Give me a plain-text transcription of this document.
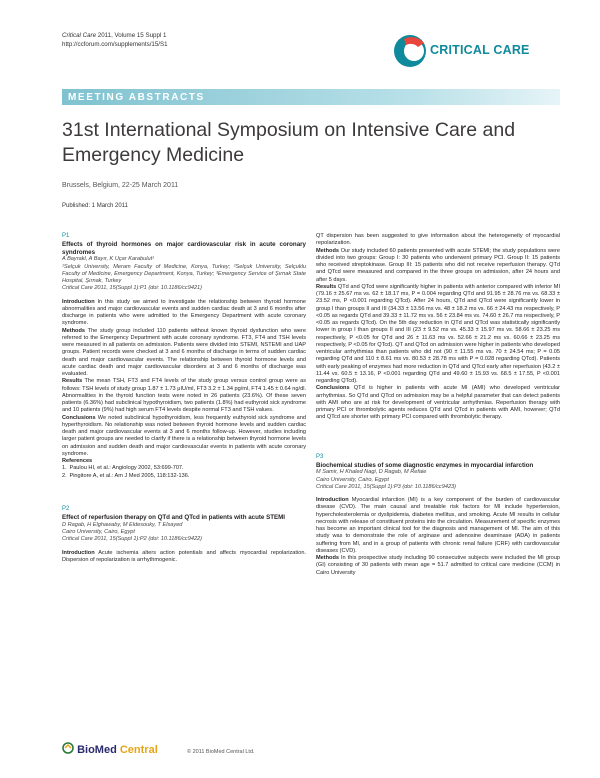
Critical Care 2011, Volume 15 Suppl 1
http://ccforum.com/supplements/15/S1	CRITICAL CARE
MEETING ABSTRACTS
31st International Symposium on Intensive Care and Emergency Medicine
Brussels, Belgium, 22-25 March 2011
Published: 1 March 2011
P1
Effects of thyroid hormones on major cardiovascular risk in acute coronary syndromes
A Bayrakl, A Bayır, K Uçar Karabulut¹
¹Selçuk University, Meram Faculty of Medicine, Konya, Turkey; ²Selçuk University, Selçuklu Faculty of Medicine, Emergency Department, Konya, Turkey; ³Emergency Service of Şırnak State Hospital, Şırnak, Turkey
Critical Care 2011, 15(Suppl 1):P1 (doi: 10.1186/cc9421)

Introduction In this study we aimed to investigate the relationship between thyroid hormone abnormalities and major cardiovascular events and sudden cardiac death at 3 and 6 months after discharge in patients who were admitted to the Emergency Department with acute coronary syndrome.

Methods The study group included 110 patients without known thyroid dysfunction who were referred to the Emergency Department with acute coronary syndrome. FT3, FT4 and TSH levels were measured in all patients on admission. Patients were divided into STEMI, NSTEMI and UAP groups. Patient records were checked at 3 and 6 months of discharge in terms of sudden cardiac death and major cardiovascular events. The relationship between thyroid hormone levels and acute cardiac death and major cardiovascular disorders at 3 and 6 months of discharge was evaluated.

Results The mean TSH, FT3 and FT4 levels of the study group versus control group were as follows: TSH levels of study group 1.87 ± 1.73 μIU/ml, FT3 3.2 ± 1.34 pg/ml, FT4 1.45 ± 0.64 ng/dl. Abnormalities in the thyroid function tests were noted in 26 patients (23.6%). Of these seven patients (6.36%) had subclinical hypothyroidism, two patients (1.8%) had euthyroid sick syndrome and 10 patients (9%) had high serum FT4 levels despite normal FT3 and TSH values.

Conclusions We noted subclinical hypothyroidism, less frequently euthyroid sick syndrome and hyperthyroidism. No relationship was noted between thyroid hormone levels and sudden cardiac death and major cardiovascular events at 3 and 6 months follow-up. However, studies including larger patient groups are needed to clarify if there is a relationship between thyroid hormone levels on admission and sudden death and major cardiovascular events in patients with acute coronary syndrome.

References

1. Paulou HI, et al.: Angiology 2002, 53:699-707.

2. Pingitore A, et al.: Am J Med 2005, 118:132-136.

P2
Effect of reperfusion therapy on QTd and QTcd in patients with acute STEMI
D Ragab, H Elghawaby, M Eldesouky, T Elsayed
Cairo University, Cairo, Egypt
Critical Care 2011, 15(Suppl 1):P2 (doi: 10.1186/cc9422)

Introduction Acute ischemia alters action potentials and affects myocardial repolarization. Dispersion of repolarization is arrhythmogenic.

QT dispersion has been suggested to give information about the heterogeneity of myocardial repolarization.

Methods Our study included 60 patients presented with acute STEMI; the study populations were divided into two groups: Group I: 30 patients who underwent primary PCI. Group II: 15 patients who received streptokinase. Group III: 15 patients who did not receive reperfusion therapy. QTd and QTcd were measured and compared in the three groups on admission, after 24 hours and after 5 days.

Results QTd and QTcd were significantly higher in patients with anterior compared with inferior MI (79.16 ± 25.67 ms vs. 62 ± 18.17 ms, P = 0.004 regarding QTd and 91.95 ± 28.76 ms vs. 68.33 ± 23.52 ms, P <0.001 regarding QTcd). After 24 hours, QTd and QTcd were significantly lower in group I than groups II and III (34.33 ± 13.56 ms vs. 48 ± 18.2 ms vs. 66 ± 24.43 ms respectively, P <0.05 as regards QTd and 39.33 ± 11.72 ms vs. 56 ± 23.84 ms vs. 74.60 ± 26.7 ms respectively, P <0.05 as regards QTcd). On the 5th day reduction in QTd and QTcd was statistically significantly lower in group I than groups II and III (23 ± 9.52 ms vs. 45.33 ± 15.97 ms vs. 58.66 ± 23.25 ms respectively, P <0.05 for QTd and 26 ± 11.63 ms vs. 52.66 ± 21.2 ms vs. 60.66 ± 23.25 ms respectively, P <0.05 for QTcd). QT and QTcd on admission were higher in patients who developed ventricular arrhythmias than patients who did not (90 ± 11.55 ms vs. 70 ± 24.54 ms; P = 0.05 regarding QTd and 110 ± 8.61 ms vs. 80.53 ± 28.78 ms with P = 0.028 regarding QTcd). Patients with early peaking of enzymes had more reduction in QTd and QTcd early after reperfusion (43.2 ± 11.44 vs. 60.5 ± 13.16, P <0.001 regarding QTd and 49.60 ± 15.93 vs. 68.5 ± 17.55, P <0.001 regarding QTcd).

Conclusions QTd is higher in patients with acute MI (AMI) who developed ventricular arrhythmias. So QTd and QTcd on admission may be a helpful parameter that can detect patients with AMI who are at risk for development of ventricular arrhythmias. Reperfusion therapy with primary PCI or thrombolytic agents reduces QTd and QTcd in patients with AMI, however; QTd and QTcd are shorter with primary PCI compared with thrombolytic therapy.

P3
Biochemical studies of some diagnostic enzymes in myocardial infarction
M Samir, H Khaled Nagi, D Ragab, M Refaie
Cairo University, Cairo, Egypt
Critical Care 2011, 15(Suppl 1):P3 (doi: 10.1186/cc9423)

Introduction Myocardial infarction (MI) is a key component of the burden of cardiovascular disease (CVD). The main causal and treatable risk factors for MI include hypertension, hypercholesterolemia or dyslipidemia, diabetes mellitus, and smoking. Acute MI results in cellular necrosis with release of constituent proteins into the circulation. Measurement of specific enzymes has become an important clinical tool for the diagnosis and management of MI. The aim of this study was to demonstrate the role of arginase and adenosine deaminase (ADA) in patients suffering from MI, and in a group of patients with chronic renal failure (CRF) with cardiovascular diseases (CVD).

Methods In this prospective study including 90 consecutive subjects were included the MI group (GI) consisting of 30 patients with mean age = 51.7 admitted to critical care medicine (CCM) in Cairo University

BioMed Central	© 2011 BioMed Central Ltd.
